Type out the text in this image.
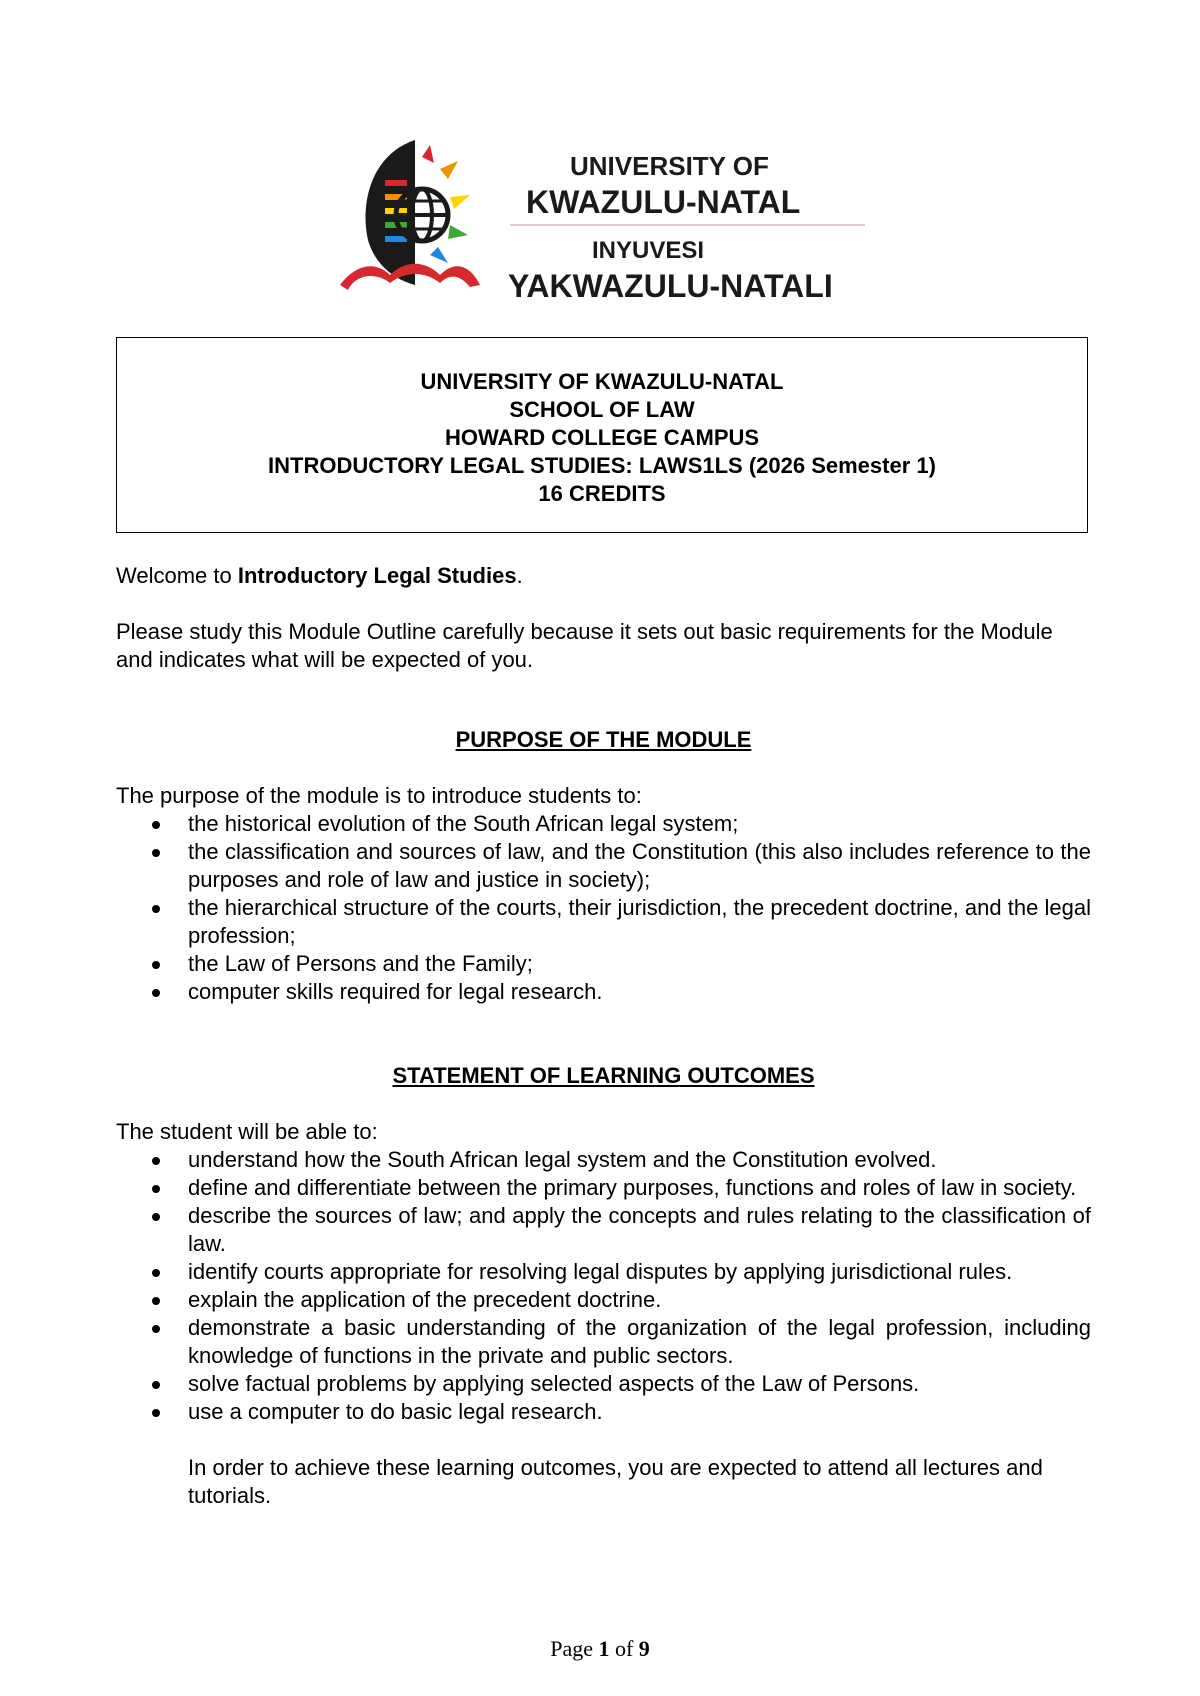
UNIVERSITY OF
KWAZULU-NATAL
INYUVESI
YAKWAZULU-NATALI
UNIVERSITY OF KWAZULU-NATAL
SCHOOL OF LAW
HOWARD COLLEGE CAMPUS
INTRODUCTORY LEGAL STUDIES: LAWS1LS (2026 Semester 1)
16 CREDITS

Welcome to Introductory Legal Studies.

Please study this Module Outline carefully because it sets out basic requirements for the Module and indicates what will be expected of you.

PURPOSE OF THE MODULE

The purpose of the module is to introduce students to:

the historical evolution of the South African legal system;
the classification and sources of law, and the Constitution (this also includes reference to the purposes and role of law and justice in society);
the hierarchical structure of the courts, their jurisdiction, the precedent doctrine, and the legal profession;
the Law of Persons and the Family;
computer skills required for legal research.

STATEMENT OF LEARNING OUTCOMES

The student will be able to:

understand how the South African legal system and the Constitution evolved.
define and differentiate between the primary purposes, functions and roles of law in society.
describe the sources of law; and apply the concepts and rules relating to the classification of law.
identify courts appropriate for resolving legal disputes by applying jurisdictional rules.
explain the application of the precedent doctrine.
demonstrate a basic understanding of the organization of the legal profession, including knowledge of functions in the private and public sectors.
solve factual problems by applying selected aspects of the Law of Persons.
use a computer to do basic legal research.

In order to achieve these learning outcomes, you are expected to attend all lectures and tutorials.

Page 1 of 9
